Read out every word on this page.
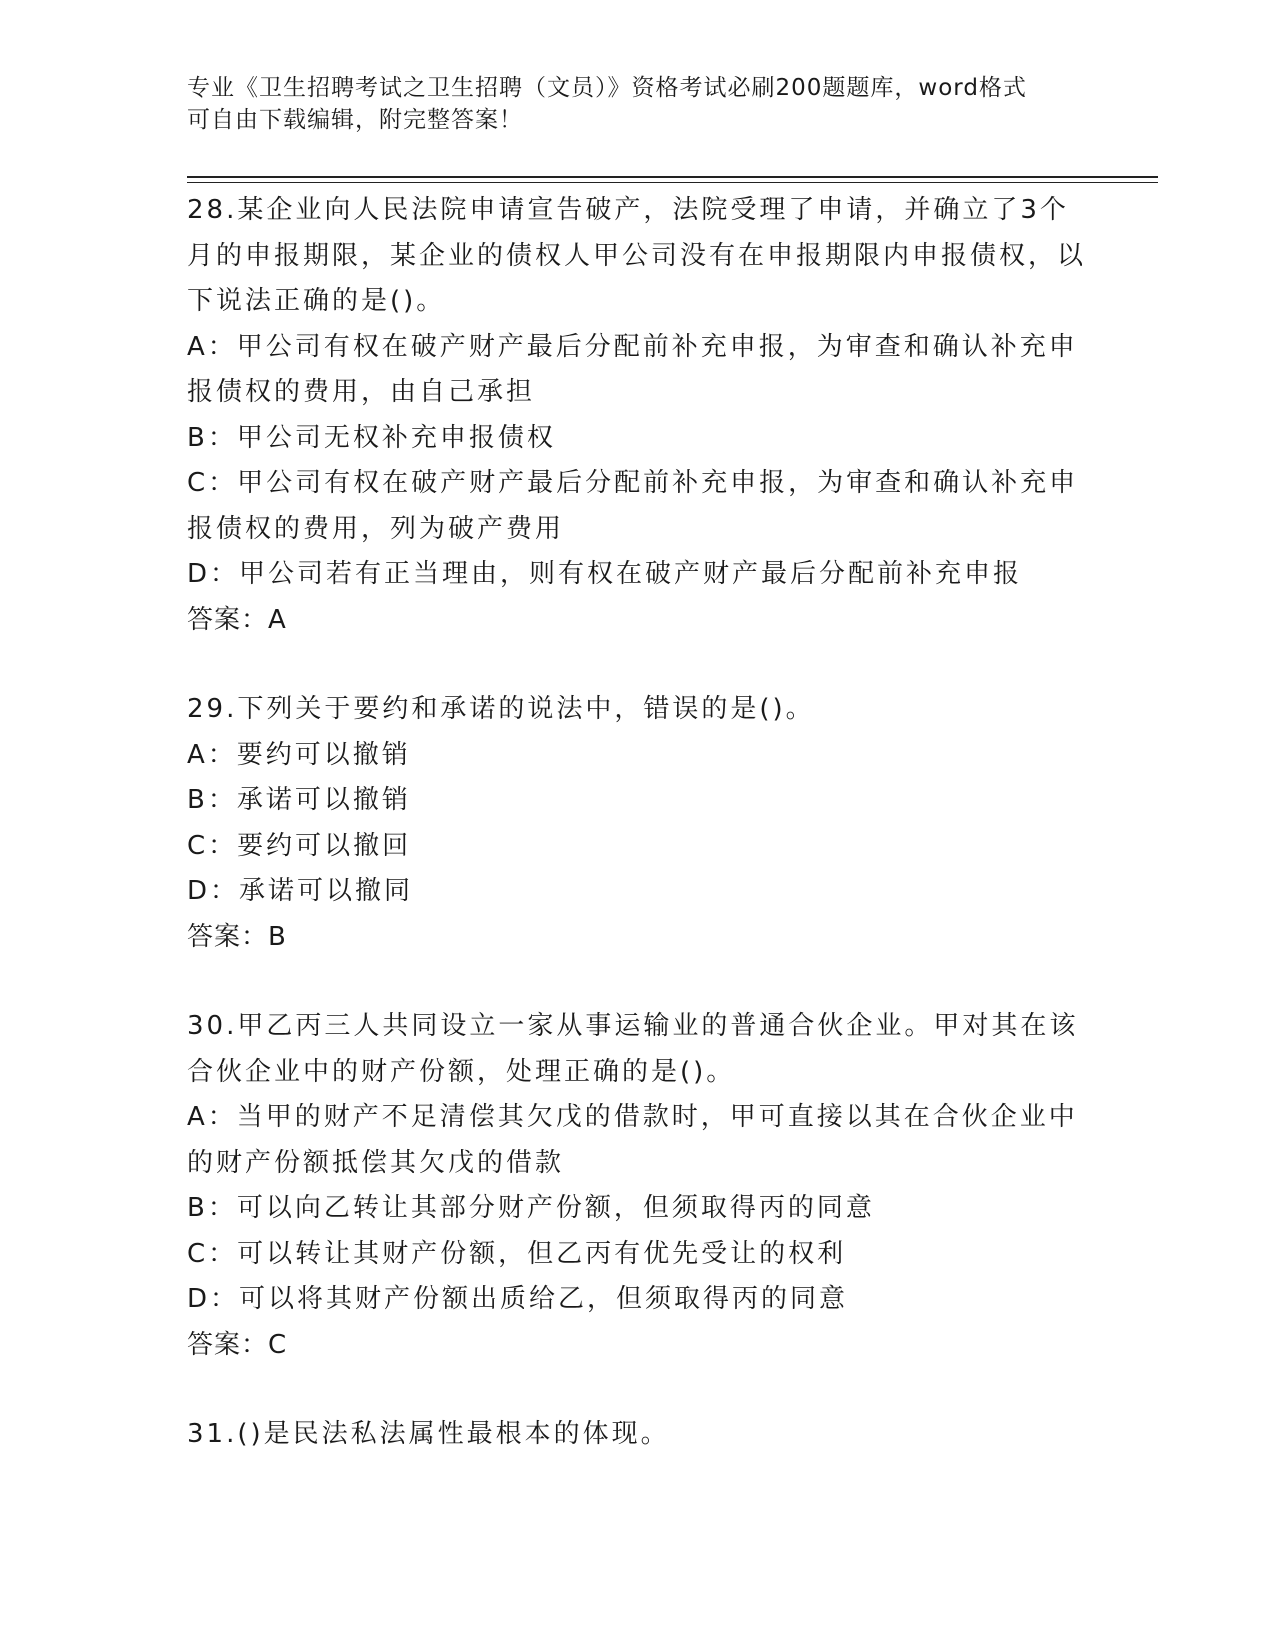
专业《卫生招聘考试之卫生招聘（文员）》资格考试必刷200题题库，word格式
可自由下载编辑，附完整答案！

28.某企业向人民法院申请宣告破产，法院受理了申请，并确立了3个月的申报期限，某企业的债权人甲公司没有在申报期限内申报债权，以下说法正确的是()。

A：甲公司有权在破产财产最后分配前补充申报，为审查和确认补充申报债权的费用，由自己承担

B：甲公司无权补充申报债权

C：甲公司有权在破产财产最后分配前补充申报，为审查和确认补充申报债权的费用，列为破产费用

D：甲公司若有正当理由，则有权在破产财产最后分配前补充申报

答案：A

29.下列关于要约和承诺的说法中，错误的是()。

A：要约可以撤销

B：承诺可以撤销

C：要约可以撤回

D：承诺可以撤同

答案：B

30.甲乙丙三人共同设立一家从事运输业的普通合伙企业。甲对其在该合伙企业中的财产份额，处理正确的是()。

A：当甲的财产不足清偿其欠戊的借款时，甲可直接以其在合伙企业中的财产份额抵偿其欠戊的借款

B：可以向乙转让其部分财产份额，但须取得丙的同意

C：可以转让其财产份额，但乙丙有优先受让的权利

D：可以将其财产份额出质给乙，但须取得丙的同意

答案：C

31.()是民法私法属性最根本的体现。
